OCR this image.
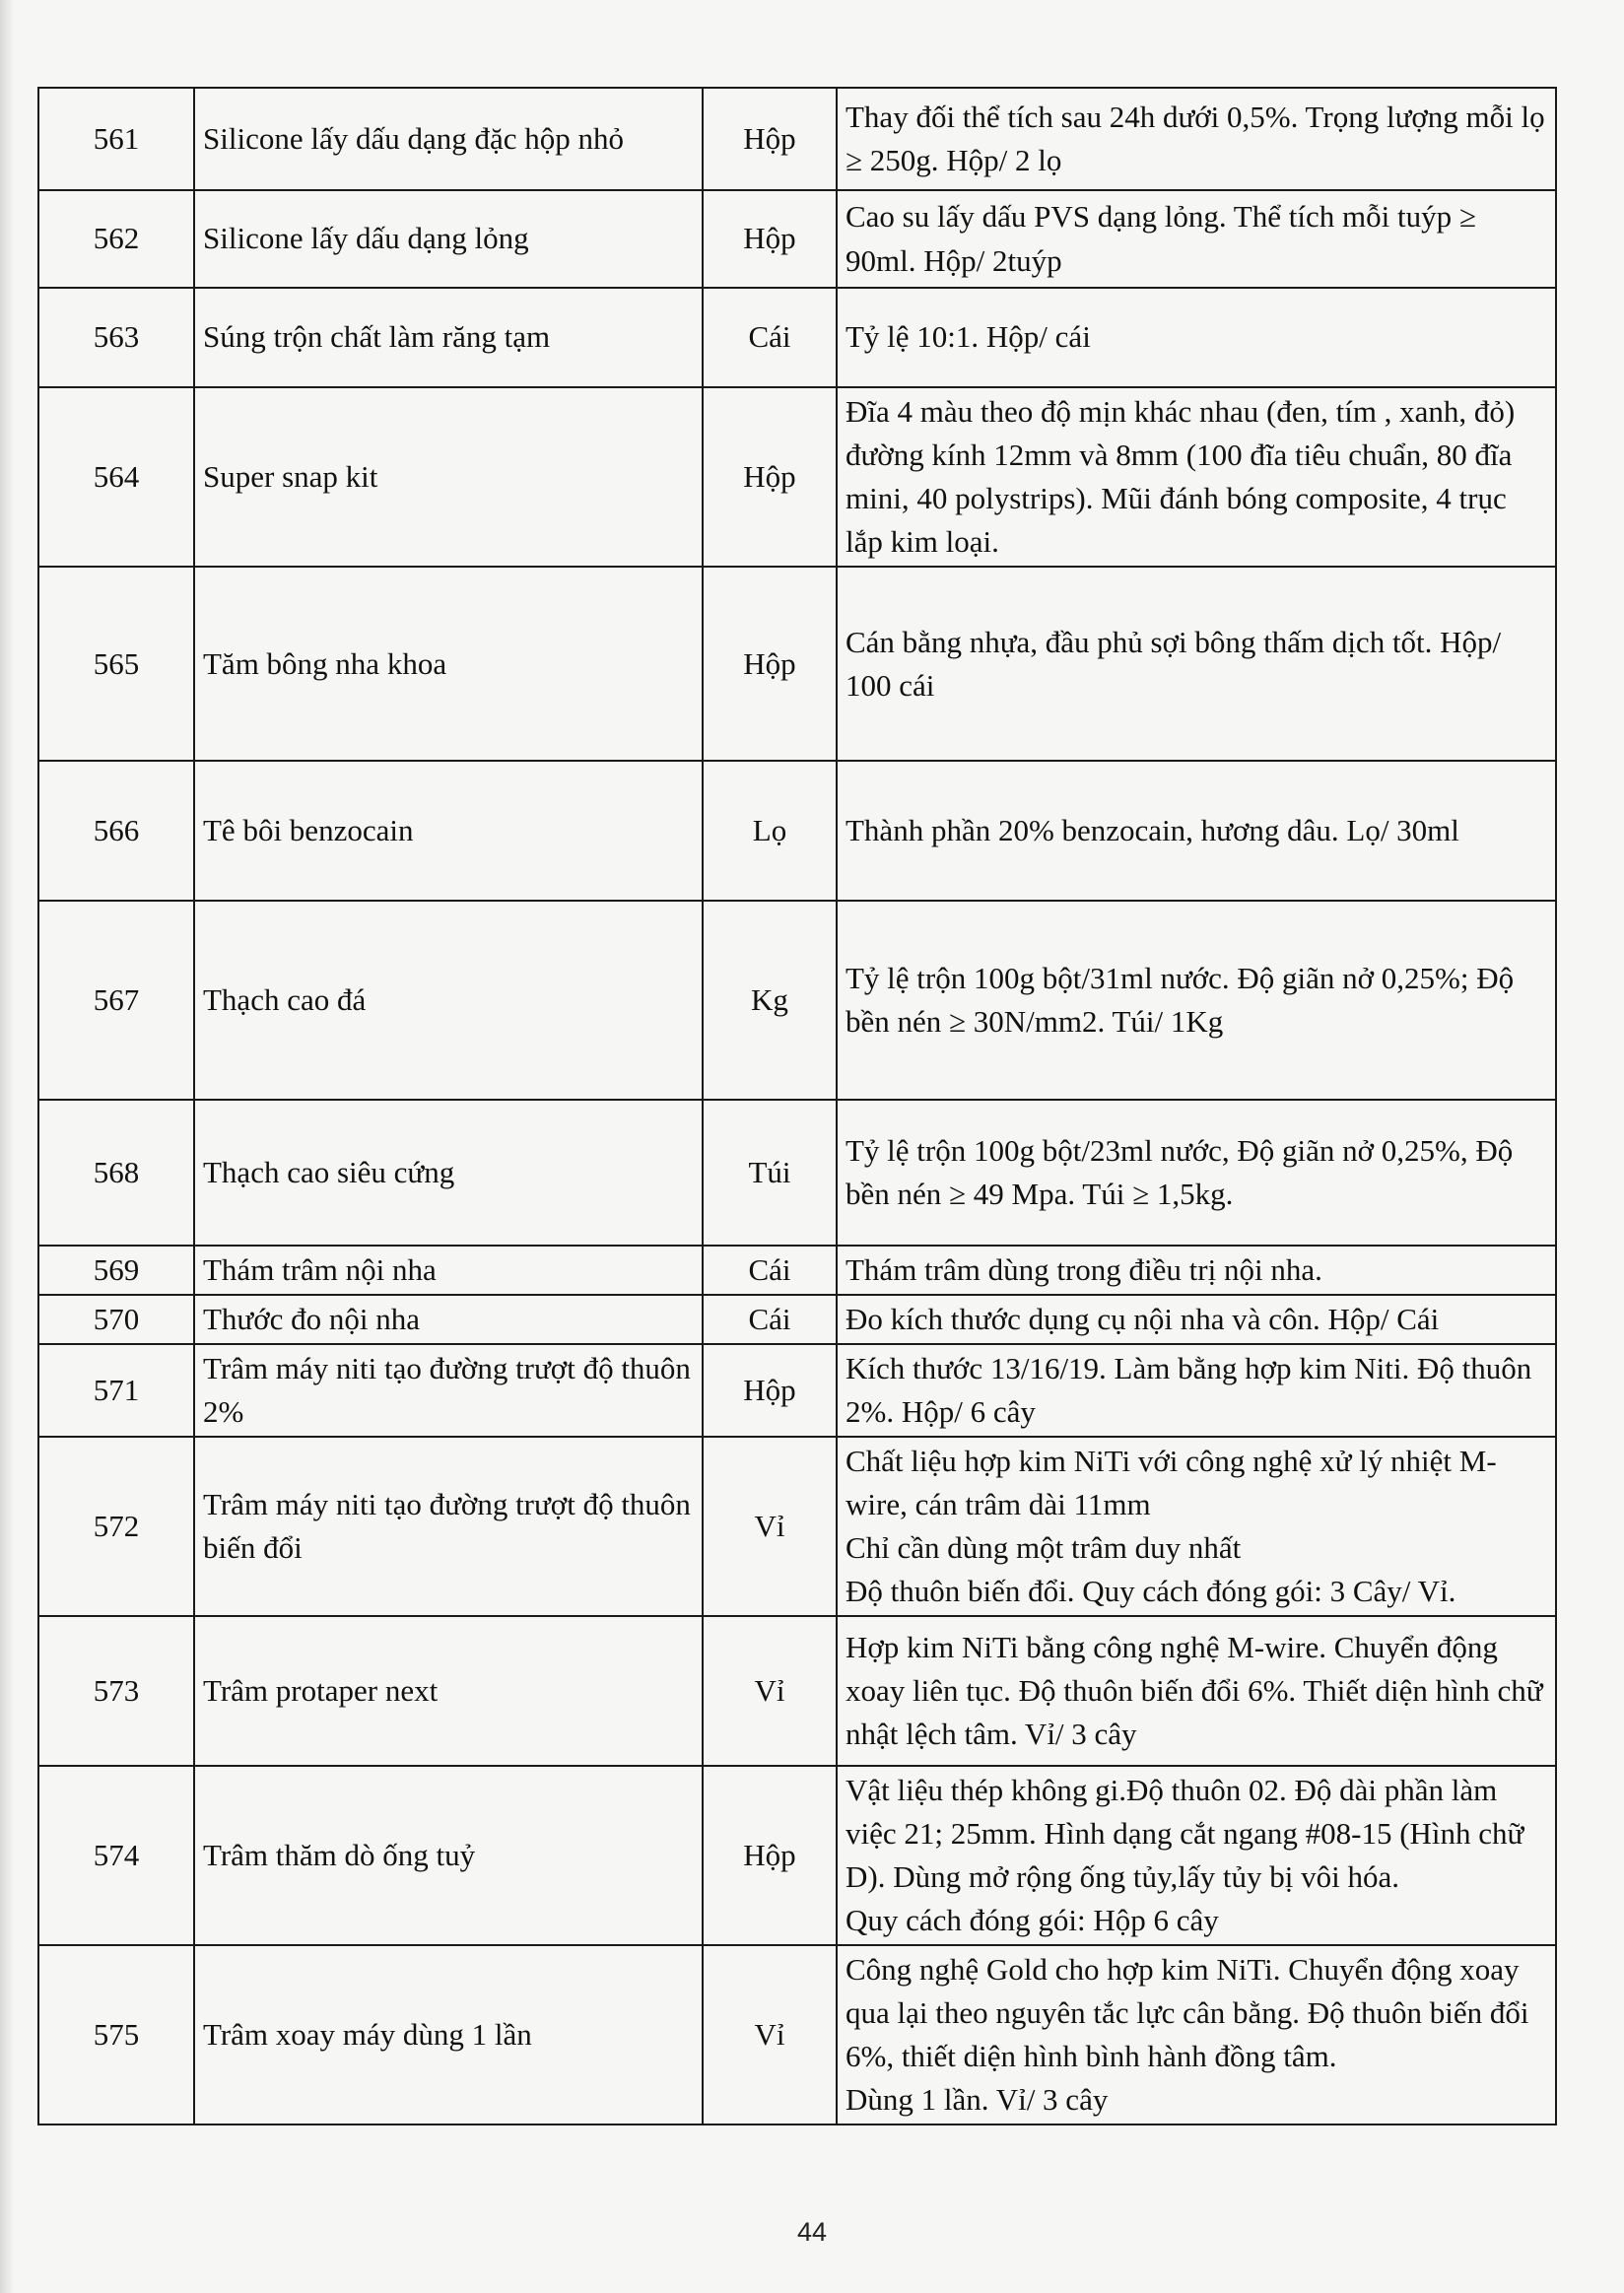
561	Silicone lấy dấu dạng đặc hộp nhỏ	Hộp	Thay đối thể tích sau 24h dưới 0,5%. Trọng lượng mỗi lọ ≥ 250g. Hộp/ 2 lọ
562	Silicone lấy dấu dạng lỏng	Hộp	Cao su lấy dấu PVS dạng lỏng. Thể tích mỗi tuýp ≥ 90ml. Hộp/ 2tuýp
563	Súng trộn chất làm răng tạm	Cái	Tỷ lệ 10:1. Hộp/ cái
564	Super snap kit	Hộp	Đĩa 4 màu theo độ mịn khác nhau (đen, tím , xanh, đỏ) đường kính 12mm và 8mm (100 đĩa tiêu chuẩn, 80 đĩa mini, 40 polystrips). Mũi đánh bóng composite, 4 trục lắp kim loại.
565	Tăm bông nha khoa	Hộp	Cán bằng nhựa, đầu phủ sợi bông thấm dịch tốt. Hộp/ 100 cái
566	Tê bôi benzocain	Lọ	Thành phần 20% benzocain, hương dâu. Lọ/ 30ml
567	Thạch cao đá	Kg	Tỷ lệ trộn 100g bột/31ml nước. Độ giãn nở 0,25%; Độ bền nén ≥ 30N/mm2. Túi/ 1Kg
568	Thạch cao siêu cứng	Túi	Tỷ lệ trộn 100g bột/23ml nước, Độ giãn nở 0,25%, Độ bền nén ≥ 49 Mpa. Túi ≥ 1,5kg.
569	Thám trâm nội nha	Cái	Thám trâm dùng trong điều trị nội nha.
570	Thước đo nội nha	Cái	Đo kích thước dụng cụ nội nha và côn. Hộp/ Cái
571	Trâm máy niti tạo đường trượt độ thuôn 2%	Hộp	Kích thước 13/16/19. Làm bằng hợp kim Niti. Độ thuôn 2%. Hộp/ 6 cây
572	Trâm máy niti tạo đường trượt độ thuôn biến đổi	Vỉ	Chất liệu hợp kim NiTi với công nghệ xử lý nhiệt M-wire, cán trâm dài 11mm
Chỉ cần dùng một trâm duy nhất
Độ thuôn biến đổi. Quy cách đóng gói: 3 Cây/ Vỉ.
573	Trâm protaper next	Vỉ	Hợp kim NiTi bằng công nghệ M-wire. Chuyển động xoay liên tục. Độ thuôn biến đổi 6%. Thiết diện hình chữ nhật lệch tâm. Vỉ/ 3 cây
574	Trâm thăm dò ống tuỷ	Hộp	Vật liệu thép không gi.Độ thuôn 02. Độ dài phần làm việc 21; 25mm. Hình dạng cắt ngang #08-15 (Hình chữ D). Dùng mở rộng ống tủy,lấy tủy bị vôi hóa.
Quy cách đóng gói: Hộp 6 cây
575	Trâm xoay máy dùng 1 lần	Vỉ	Công nghệ Gold cho hợp kim NiTi. Chuyển động xoay qua lại theo nguyên tắc lực cân bằng. Độ thuôn biến đổi 6%, thiết diện hình bình hành đồng tâm.
Dùng 1 lần. Vỉ/ 3 cây
44
